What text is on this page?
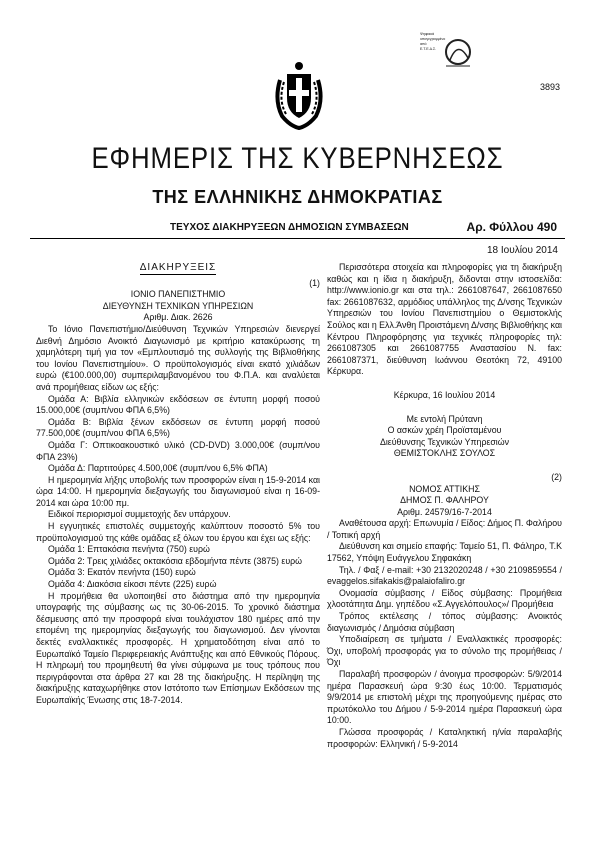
Ψηφιακά
υπογεγραμμένο
από
Ε.Τ.Ε.Δ.Σ.
3893
ΕΦΗΜΕΡΙΣ ΤΗΣ ΚΥΒΕΡΝΗΣΕΩΣ
ΤΗΣ ΕΛΛΗΝΙΚΗΣ ΔΗΜΟΚΡΑΤΙΑΣ
ΤΕΥΧΟΣ ΔΙΑΚΗΡΥΞΕΩΝ ΔΗΜΟΣΙΩΝ ΣΥΜΒΑΣΕΩΝ	Αρ. Φύλλου 490
18 Ιουλίου 2014
ΔΙΑΚΗΡΥΞΕΙΣ

(1)

ΙΟΝΙΟ ΠΑΝΕΠΙΣΤΗΜΙΟ

ΔΙΕΥΘΥΝΣΗ ΤΕΧΝΙΚΩΝ ΥΠΗΡΕΣΙΩΝ

Αριθμ. Διακ. 2626

Το Ιόνιο Πανεπιστήμιο/Διεύθυνση Τεχνικών Υπηρεσιών διενεργεί Διεθνή Δημόσιο Ανοικτό Διαγωνισμό με κριτήριο κατακύρωσης τη χαμηλότερη τιμή για τον «Εμπλουτισμό της συλλογής της Βιβλιοθήκης του Ιονίου Πανεπιστημίου». Ο προϋπολογισμός είναι εκατό χιλιάδων ευρώ (€100.000,00) συμπεριλαμβανομένου του Φ.Π.Α. και αναλύεται ανά προμήθειας είδων ως εξής:

Ομάδα Α: Βιβλία ελληνικών εκδόσεων σε έντυπη μορφή ποσού 15.000,00€ (συμπ/νου ΦΠΑ 6,5%)

Ομάδα Β: Βιβλία ξένων εκδόσεων σε έντυπη μορφή ποσού 77.500,00€ (συμπ/νου ΦΠΑ 6,5%)

Ομάδα Γ: Οπτικοακουστικό υλικό (CD-DVD) 3.000,00€ (συμπ/νου ΦΠΑ 23%)

Ομάδα Δ: Παρτιτούρες 4.500,00€ (συμπ/νου 6,5% ΦΠΑ)

Η ημερομηνία λήξης υποβολής των προσφορών είναι η 15-9-2014 και ώρα 14:00. Η ημερομηνία διεξαγωγής του διαγωνισμού είναι η 16-09-2014 και ώρα 10:00 πμ.

Ειδικοί περιορισμοί συμμετοχής δεν υπάρχουν.

Η εγγυητικές επιστολές συμμετοχής καλύπτουν ποσοστό 5% του προϋπολογισμού της κάθε ομάδας εξ όλων του έργου και έχει ως εξής:

Ομάδα 1: Επτακόσια πενήντα (750) ευρώ

Ομάδα 2: Τρεις χιλιάδες οκτακόσια εβδομήντα πέντε (3875) ευρώ

Ομάδα 3: Εκατόν πενήντα (150) ευρώ

Ομάδα 4: Διακόσια είκοσι πέντε (225) ευρώ

Η προμήθεια θα υλοποιηθεί στο διάστημα από την ημερομηνία υπογραφής της σύμβασης ως τις 30-06-2015. Το χρονικό διάστημα δέσμευσης από την προσφορά είναι τουλάχιστον 180 ημέρες από την επομένη της ημερομηνίας διεξαγωγής του διαγωνισμού. Δεν γίνονται δεκτές εναλλακτικές προσφορές. Η χρηματοδότηση είναι από το Ευρωπαϊκό Ταμείο Περιφερειακής Ανάπτυξης και από Εθνικούς Πόρους. Η πληρωμή του προμηθευτή θα γίνει σύμφωνα με τους τρόπους που περιγράφονται στα άρθρα 27 και 28 της διακήρυξης. Η περίληψη της διακήρυξης καταχωρήθηκε στον Ιστότοπο των Επίσημων Εκδόσεων της Ευρωπαϊκής Ένωσης στις 18-7-2014.

Περισσότερα στοιχεία και πληροφορίες για τη διακήρυξη καθώς και η ίδια η διακήρυξη, διδονται στην ιστοσελίδα: http://www.ionio.gr και στα τηλ.: 2661087647, 2661087650 fax: 2661087632, αρμόδιος υπάλληλος της Δ/νσης Τεχνικών Υπηρεσιών του Ιονίου Πανεπιστημίου ο Θεμιστοκλής Σούλος και η Ελλ.Άνθη Προιστάμενη Δ/νσης Βιβλιοθήκης και Κέντρου Πληροφόρησης για τεχνικές πληροφορίες τηλ: 2661087305 και 2661087755 Αναστασίου Ν. fax: 2661087371, διεύθυνση Ιωάννου Θεοτόκη 72, 49100 Κέρκυρα.

Κέρκυρα, 16 Ιουλίου 2014

Με εντολή Πρύτανη

Ο ασκών χρέη Προϊσταμένου

Διεύθυνσης Τεχνικών Υπηρεσιών

ΘΕΜΙΣΤΟΚΛΗΣ ΣΟΥΛΟΣ

(2)

ΝΟΜΟΣ ΑΤΤΙΚΗΣ

ΔΗΜΟΣ Π. ΦΑΛΗΡΟΥ

Αριθμ. 24579/16-7-2014

Αναθέτουσα αρχή: Επωνυμία / Είδος: Δήμος Π. Φαλήρου / Τοπική αρχή

Διεύθυνση και σημείο επαφής: Ταμείο 51, Π. Φάληρο, Τ.Κ 17562, Υπόψη Ευάγγελου Σηφακάκη

Τηλ. / Φαξ / e-mail: +30 2132020248 / +30 2109859554 / evaggelos.sifakakis@palaiofaliro.gr

Ονομασία σύμβασης / Είδος σύμβασης: Προμήθεια χλοοτάπητα Δημ. γηπέδου «Σ.Αγγελόπουλος»/ Προμήθεια

Τρόπος εκτέλεσης / τόπος σύμβασης: Ανοικτός διαγωνισμός / Δημόσια σύμβαση

Υποδιαίρεση σε τμήματα / Εναλλακτικές προσφορές: Όχι, υποβολή προσφοράς για το σύνολο της προμήθειας / Όχι

Παραλαβή προσφορών / άνοιγμα προσφορών: 5/9/2014 ημέρα Παρασκευή ώρα 9:30 έως 10:00. Τερματισμός 9/9/2014 με επιστολή μέχρι της προηγούμενης ημέρας στο πρωτόκολλο του Δήμου / 5-9-2014 ημέρα Παρασκευή ώρα 10:00.

Γλώσσα προσφοράς / Καταληκτική η/νία παραλαβής προσφορών: Ελληνική / 5-9-2014
